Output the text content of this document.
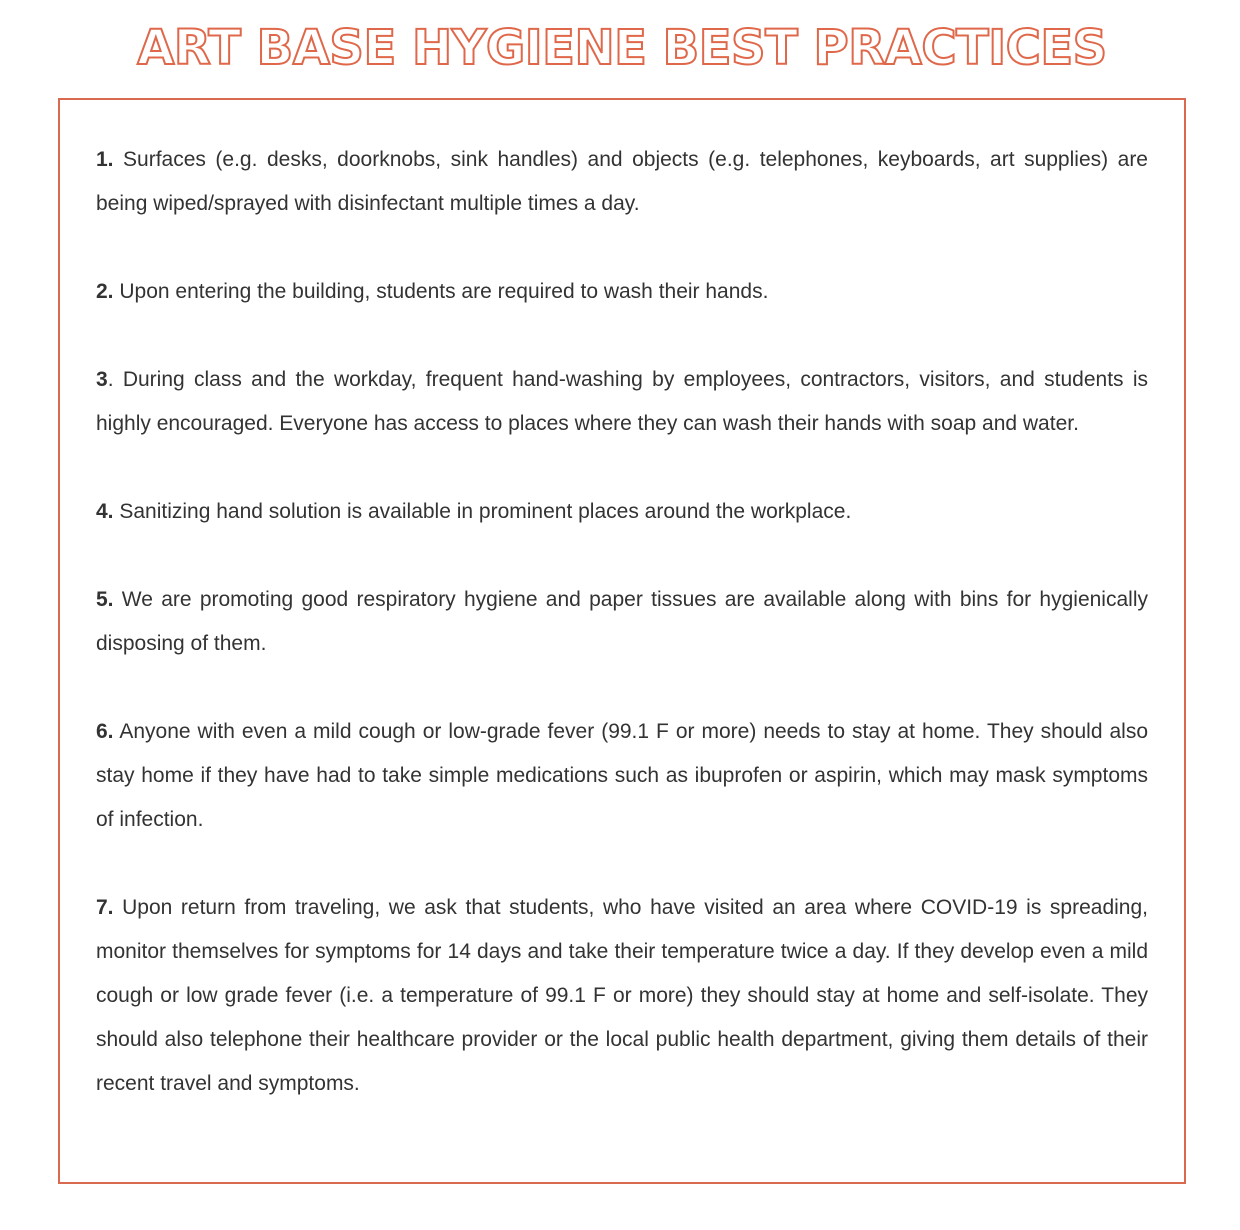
ART BASE HYGIENE BEST PRACTICES
1. Surfaces (e.g. desks, doorknobs, sink handles) and objects (e.g. telephones, keyboards, art supplies) are being wiped/sprayed with disinfectant multiple times a day.
2. Upon entering the building, students are required to wash their hands.
3. During class and the workday, frequent hand-washing by employees, contractors, visitors, and students is highly encouraged. Everyone has access to places where they can wash their hands with soap and water.
4. Sanitizing hand solution is available in prominent places around the workplace.
5. We are promoting good respiratory hygiene and paper tissues are available along with bins for hygienically disposing of them.
6. Anyone with even a mild cough or low-grade fever (99.1 F or more) needs to stay at home. They should also stay home if they have had to take simple medications such as ibuprofen or aspirin, which may mask symptoms of infection.
7. Upon return from traveling, we ask that students, who have visited an area where COVID-19 is spreading, monitor themselves for symptoms for 14 days and take their temperature twice a day. If they develop even a mild cough or low grade fever (i.e. a temperature of 99.1 F or more) they should stay at home and self-isolate. They should also telephone their healthcare provider or the local public health department, giving them details of their recent travel and symptoms.
